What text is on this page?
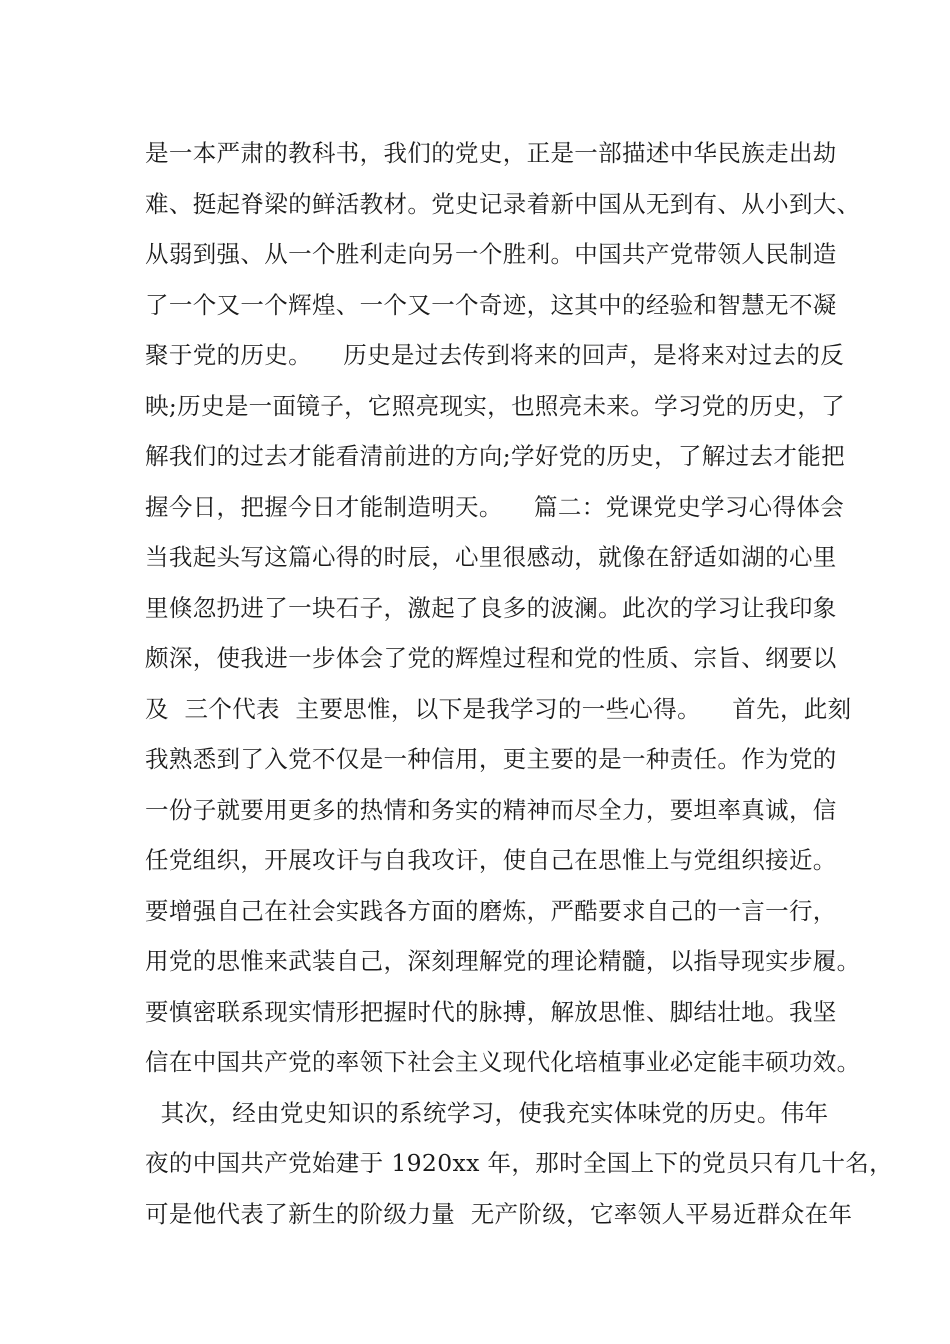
是一本严肃的教科书，我们的党史，正是一部描述中华民族走出劫
难、挺起脊梁的鲜活教材。党史记录着新中国从无到有、从小到大、
从弱到强、从一个胜利走向另一个胜利。中国共产党带领人民制造
了一个又一个辉煌、一个又一个奇迹，这其中的经验和智慧无不凝
聚于党的历史。    历史是过去传到将来的回声，是将来对过去的反
映;历史是一面镜子，它照亮现实，也照亮未来。学习党的历史，了
解我们的过去才能看清前进的方向;学好党的历史，了解过去才能把
握今日，把握今日才能制造明天。    篇二：党课党史学习心得体会
当我起头写这篇心得的时辰，心里很感动，就像在舒适如湖的心里
里倏忽扔进了一块石子，激起了良多的波澜。此次的学习让我印象
颇深，使我进一步体会了党的辉煌过程和党的性质、宗旨、纲要以
及  三个代表  主要思惟，以下是我学习的一些心得。    首先，此刻
我熟悉到了入党不仅是一种信用，更主要的是一种责任。作为党的
一份子就要用更多的热情和务实的精神而尽全力，要坦率真诚，信
任党组织，开展攻讦与自我攻讦，使自己在思惟上与党组织接近。
要增强自己在社会实践各方面的磨炼，严酷要求自己的一言一行，
用党的思惟来武装自己，深刻理解党的理论精髓，以指导现实步履。
要慎密联系现实情形把握时代的脉搏，解放思惟、脚结壮地。我坚
信在中国共产党的率领下社会主义现代化培植事业必定能丰硕功效。
其次，经由党史知识的系统学习，使我充实体味党的历史。伟年
夜的中国共产党始建于 1920xx 年，那时全国上下的党员只有几十名，
可是他代表了新生的阶级力量  无产阶级，它率领人平易近群众在年
